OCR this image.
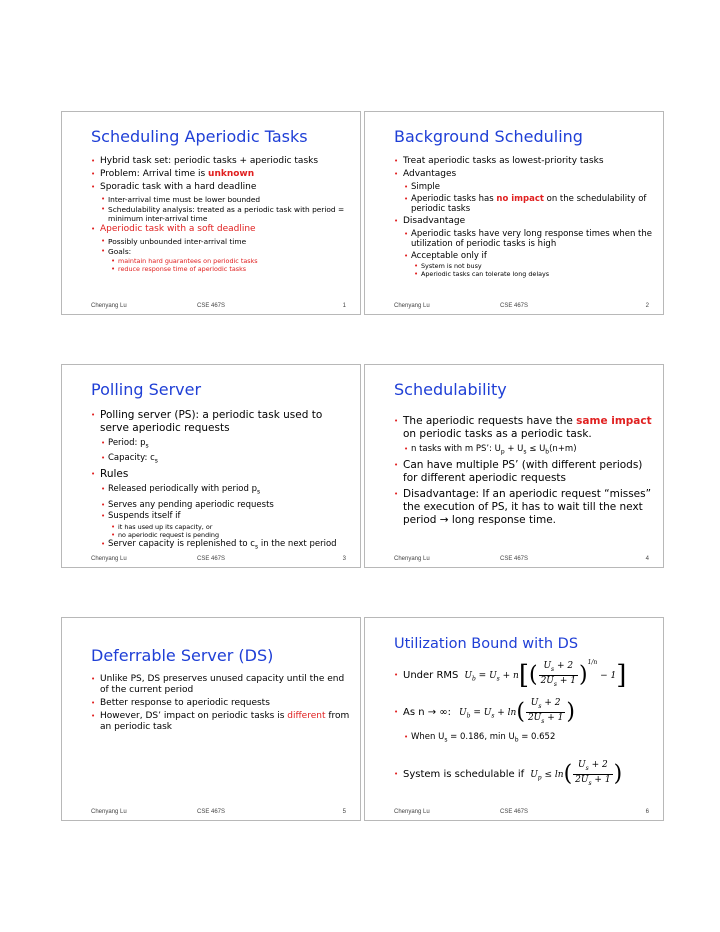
Scheduling Aperiodic Tasks
• Hybrid task set: periodic tasks + aperiodic tasks
• Problem: Arrival time is unknown
• Sporadic task with a hard deadline
• Inter-arrival time must be lower bounded
• Schedulability analysis: treated as a periodic task with period = minimum inter-arrival time
• Aperiodic task with a soft deadline
• Possibly unbounded inter-arrival time
• Goals:
• maintain hard guarantees on periodic tasks
• reduce response time of aperiodic tasks
Chenyang Lu	CSE 467S	1
Background Scheduling
• Treat aperiodic tasks as lowest-priority tasks
• Advantages
• Simple
• Aperiodic tasks has no impact on the schedulability of periodic tasks
• Disadvantage
• Aperiodic tasks have very long response times when the utilization of periodic tasks is high
• Acceptable only if
• System is not busy
• Aperiodic tasks can tolerate long delays
Chenyang Lu	CSE 467S	2
Polling Server
• Polling server (PS): a periodic task used to serve aperiodic requests
• Period: $p_s$
• Capacity: $c_s$
• Rules
• Released periodically with period $p_s$
• Serves any pending aperiodic requests
• Suspends itself if
• it has used up its capacity, or
• no aperiodic request is pending
• Server capacity is replenished to $c_s$ in the next period
Chenyang Lu	CSE 467S	3
Schedulability
• The aperiodic requests have the same impact on periodic tasks as a periodic task.
• n tasks with m PS’: $U_p + U_s \le U_b(n+m)$
• Can have multiple PS’ (with different periods) for different aperiodic requests
• Disadvantage: If an aperiodic request “misses” the execution of PS, it has to wait till the next period → long response time.
Chenyang Lu	CSE 467S	4
Deferrable Server (DS)
• Unlike PS, DS preserves unused capacity until the end of the current period
• Better response to aperiodic requests
• However, DS’ impact on periodic tasks is different from an periodic task
Chenyang Lu	CSE 467S	5
Utilization Bound with DS
• Under RMS $U_b = U_s + n[( \frac{U_s + 2}{2U_s + 1} )^{1/n} - 1]$
• As n → ∞: $U_b = U_s + \ln( \frac{U_s + 2}{2U_s + 1}$ )
• When $U_s = 0.186$, $\min U_b = 0.652$
• System is schedulable if $U_p \le \ln( \frac{U_s + 2}{2U_s + 1}$ )
Chenyang Lu	CSE 467S	6
